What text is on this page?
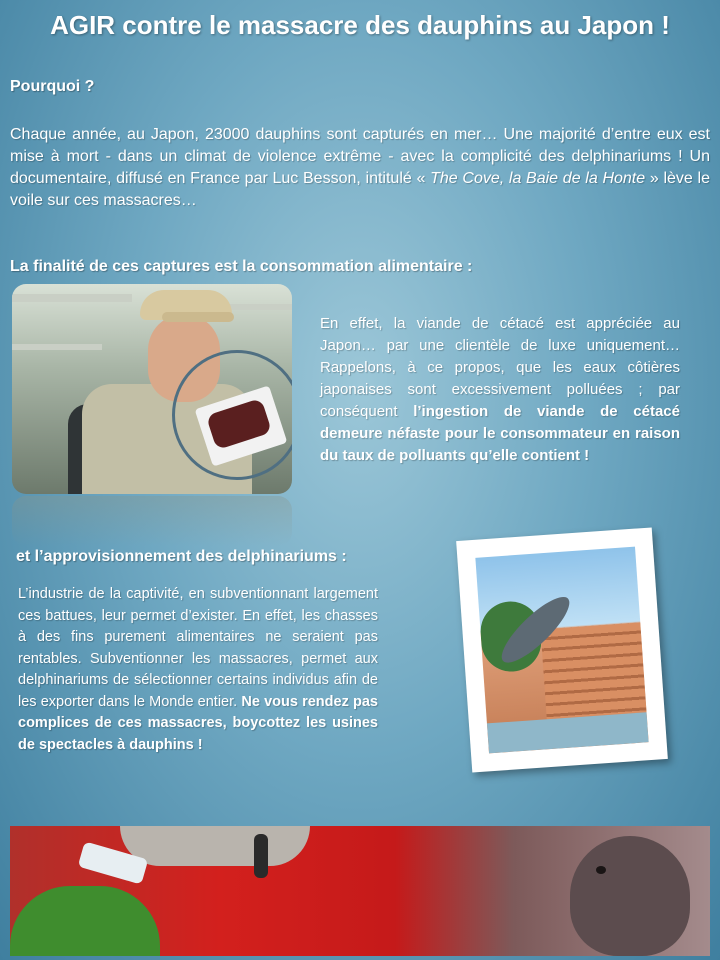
AGIR contre le massacre des dauphins au Japon !
Pourquoi ?
Chaque année, au Japon, 23000 dauphins sont capturés en mer… Une majorité d’entre eux est mise à mort - dans un climat de violence extrême - avec la complicité des delphinariums ! Un documentaire, diffusé en France par Luc Besson, intitulé « The Cove, la Baie de la Honte » lève le voile sur ces massacres…
La finalité de ces captures est la consommation alimentaire :
En effet, la viande de cétacé est appréciée au Japon… par une clientèle de luxe uniquement… Rappelons, à ce propos, que les eaux côtières japonaises sont excessivement polluées ; par conséquent l’ingestion de viande de cétacé demeure néfaste pour le consommateur en raison du taux de polluants qu’elle contient !
et l’approvisionnement des delphinariums :
L’industrie de la captivité, en subventionnant largement ces battues, leur permet d’exister. En effet, les chasses à des fins purement alimentaires ne seraient pas rentables. Subventionner les massacres, permet aux delphinariums de sélectionner certains individus afin de les exporter dans le Monde entier. Ne vous rendez pas complices de ces massacres, boycottez les usines de spectacles à dauphins !
